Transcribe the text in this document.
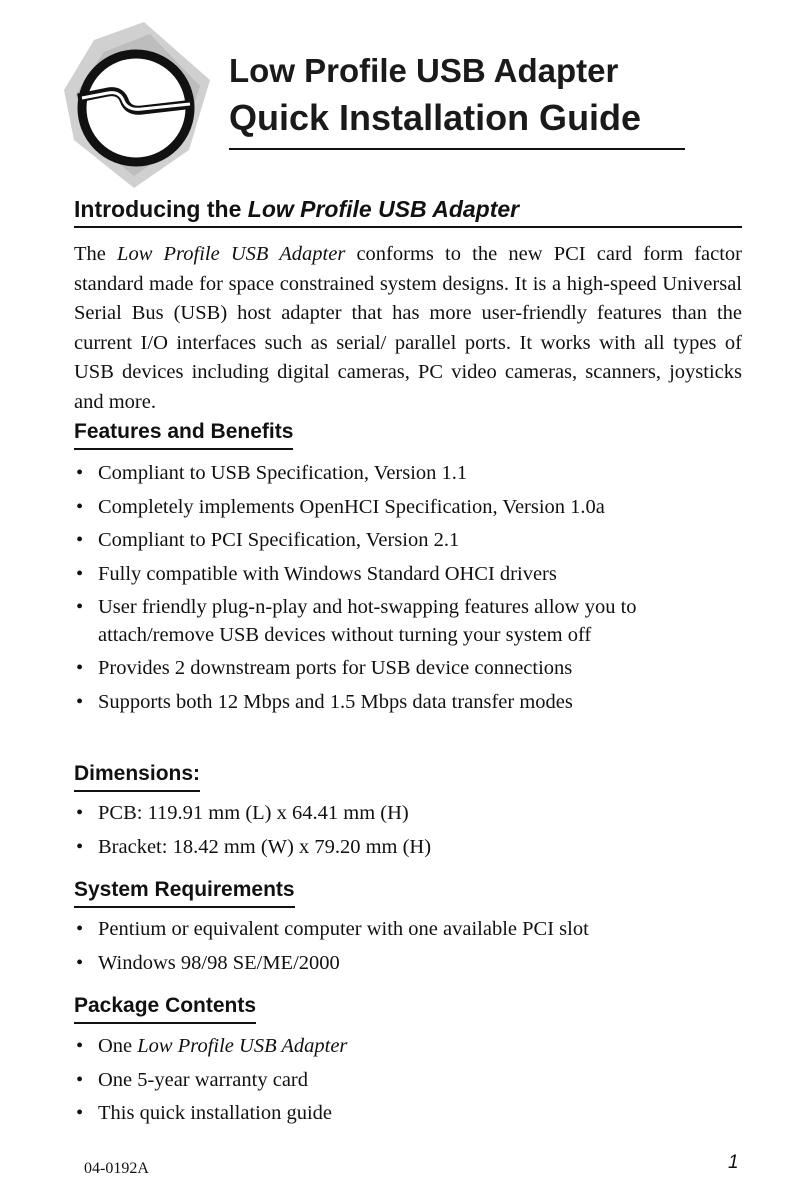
Low Profile USB Adapter
Quick Installation Guide
Introducing the Low Profile USB Adapter
The Low Profile USB Adapter conforms to the new PCI card form factor standard made for space constrained system designs. It is a high-speed Universal Serial Bus (USB) host adapter that has more user-friendly features than the current I/O interfaces such as serial/ parallel ports. It works with all types of USB devices including digital cameras, PC video cameras, scanners, joysticks and more.
Features and Benefits
• Compliant to USB Specification, Version 1.1
• Completely implements OpenHCI Specification, Version 1.0a
• Compliant to PCI Specification, Version 2.1
• Fully compatible with Windows Standard OHCI drivers
• User friendly plug-n-play and hot-swapping features allow you to attach/remove USB devices without turning your system off
• Provides 2 downstream ports for USB device connections
• Supports both 12 Mbps and 1.5 Mbps data transfer modes
Dimensions:
• PCB: 119.91 mm (L) x 64.41 mm (H)
• Bracket: 18.42 mm (W) x 79.20 mm (H)
System Requirements
• Pentium or equivalent computer with one available PCI slot
• Windows 98/98 SE/ME/2000
Package Contents
• One Low Profile USB Adapter
• One 5-year warranty card
• This quick installation guide
04-0192A	1
